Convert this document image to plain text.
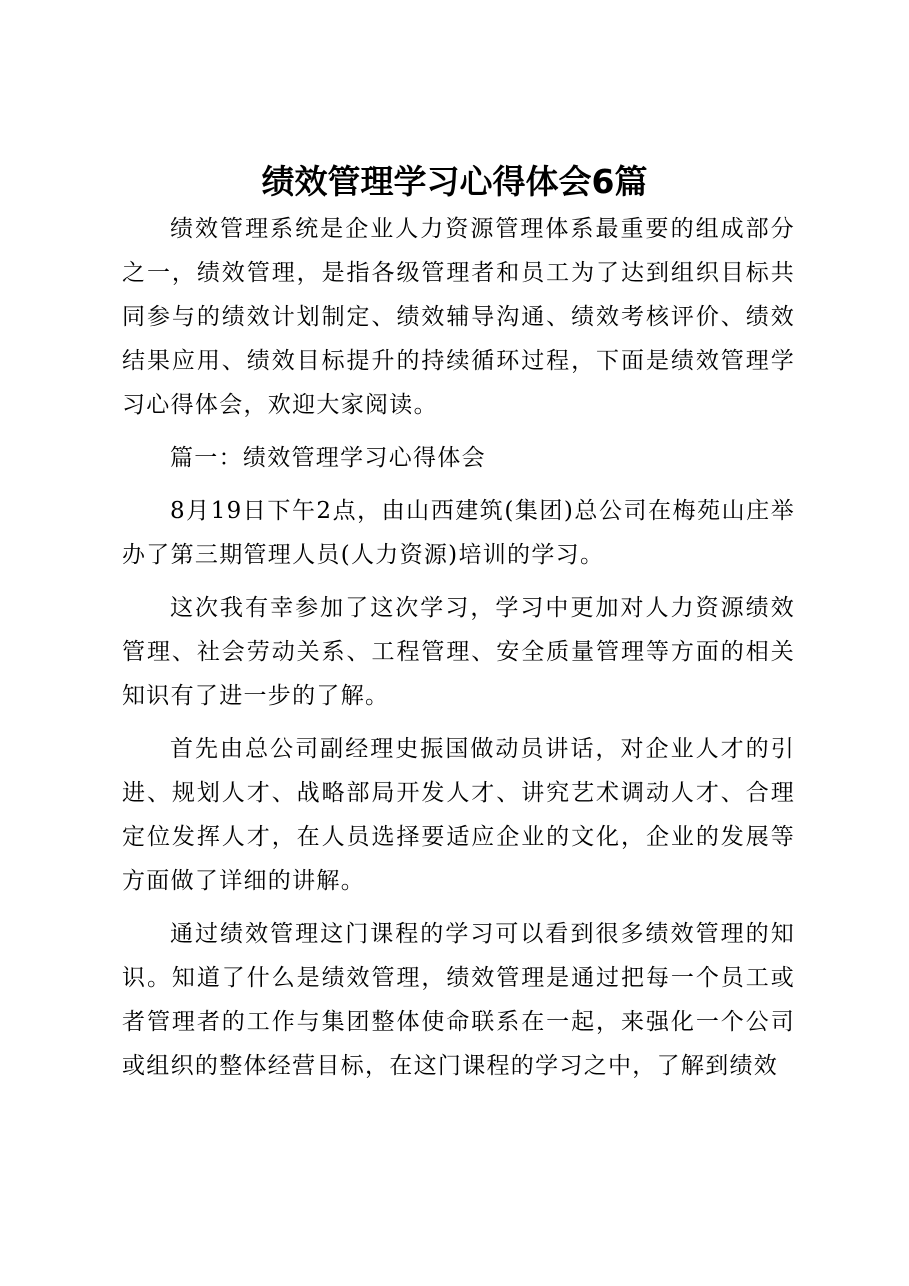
绩效管理学习心得体会6篇

绩效管理系统是企业人力资源管理体系最重要的组成部分之一，绩效管理，是指各级管理者和员工为了达到组织目标共同参与的绩效计划制定、绩效辅导沟通、绩效考核评价、绩效结果应用、绩效目标提升的持续循环过程，下面是绩效管理学习心得体会，欢迎大家阅读。

篇一：绩效管理学习心得体会

8月19日下午2点，由山西建筑(集团)总公司在梅苑山庄举办了第三期管理人员(人力资源)培训的学习。

这次我有幸参加了这次学习，学习中更加对人力资源绩效管理、社会劳动关系、工程管理、安全质量管理等方面的相关知识有了进一步的了解。

首先由总公司副经理史振国做动员讲话，对企业人才的引进、规划人才、战略部局开发人才、讲究艺术调动人才、合理定位发挥人才，在人员选择要适应企业的文化，企业的发展等方面做了详细的讲解。

通过绩效管理这门课程的学习可以看到很多绩效管理的知识。知道了什么是绩效管理，绩效管理是通过把每一个员工或者管理者的工作与集团整体使命联系在一起，来强化一个公司或组织的整体经营目标，在这门课程的学习之中，了解到绩效
